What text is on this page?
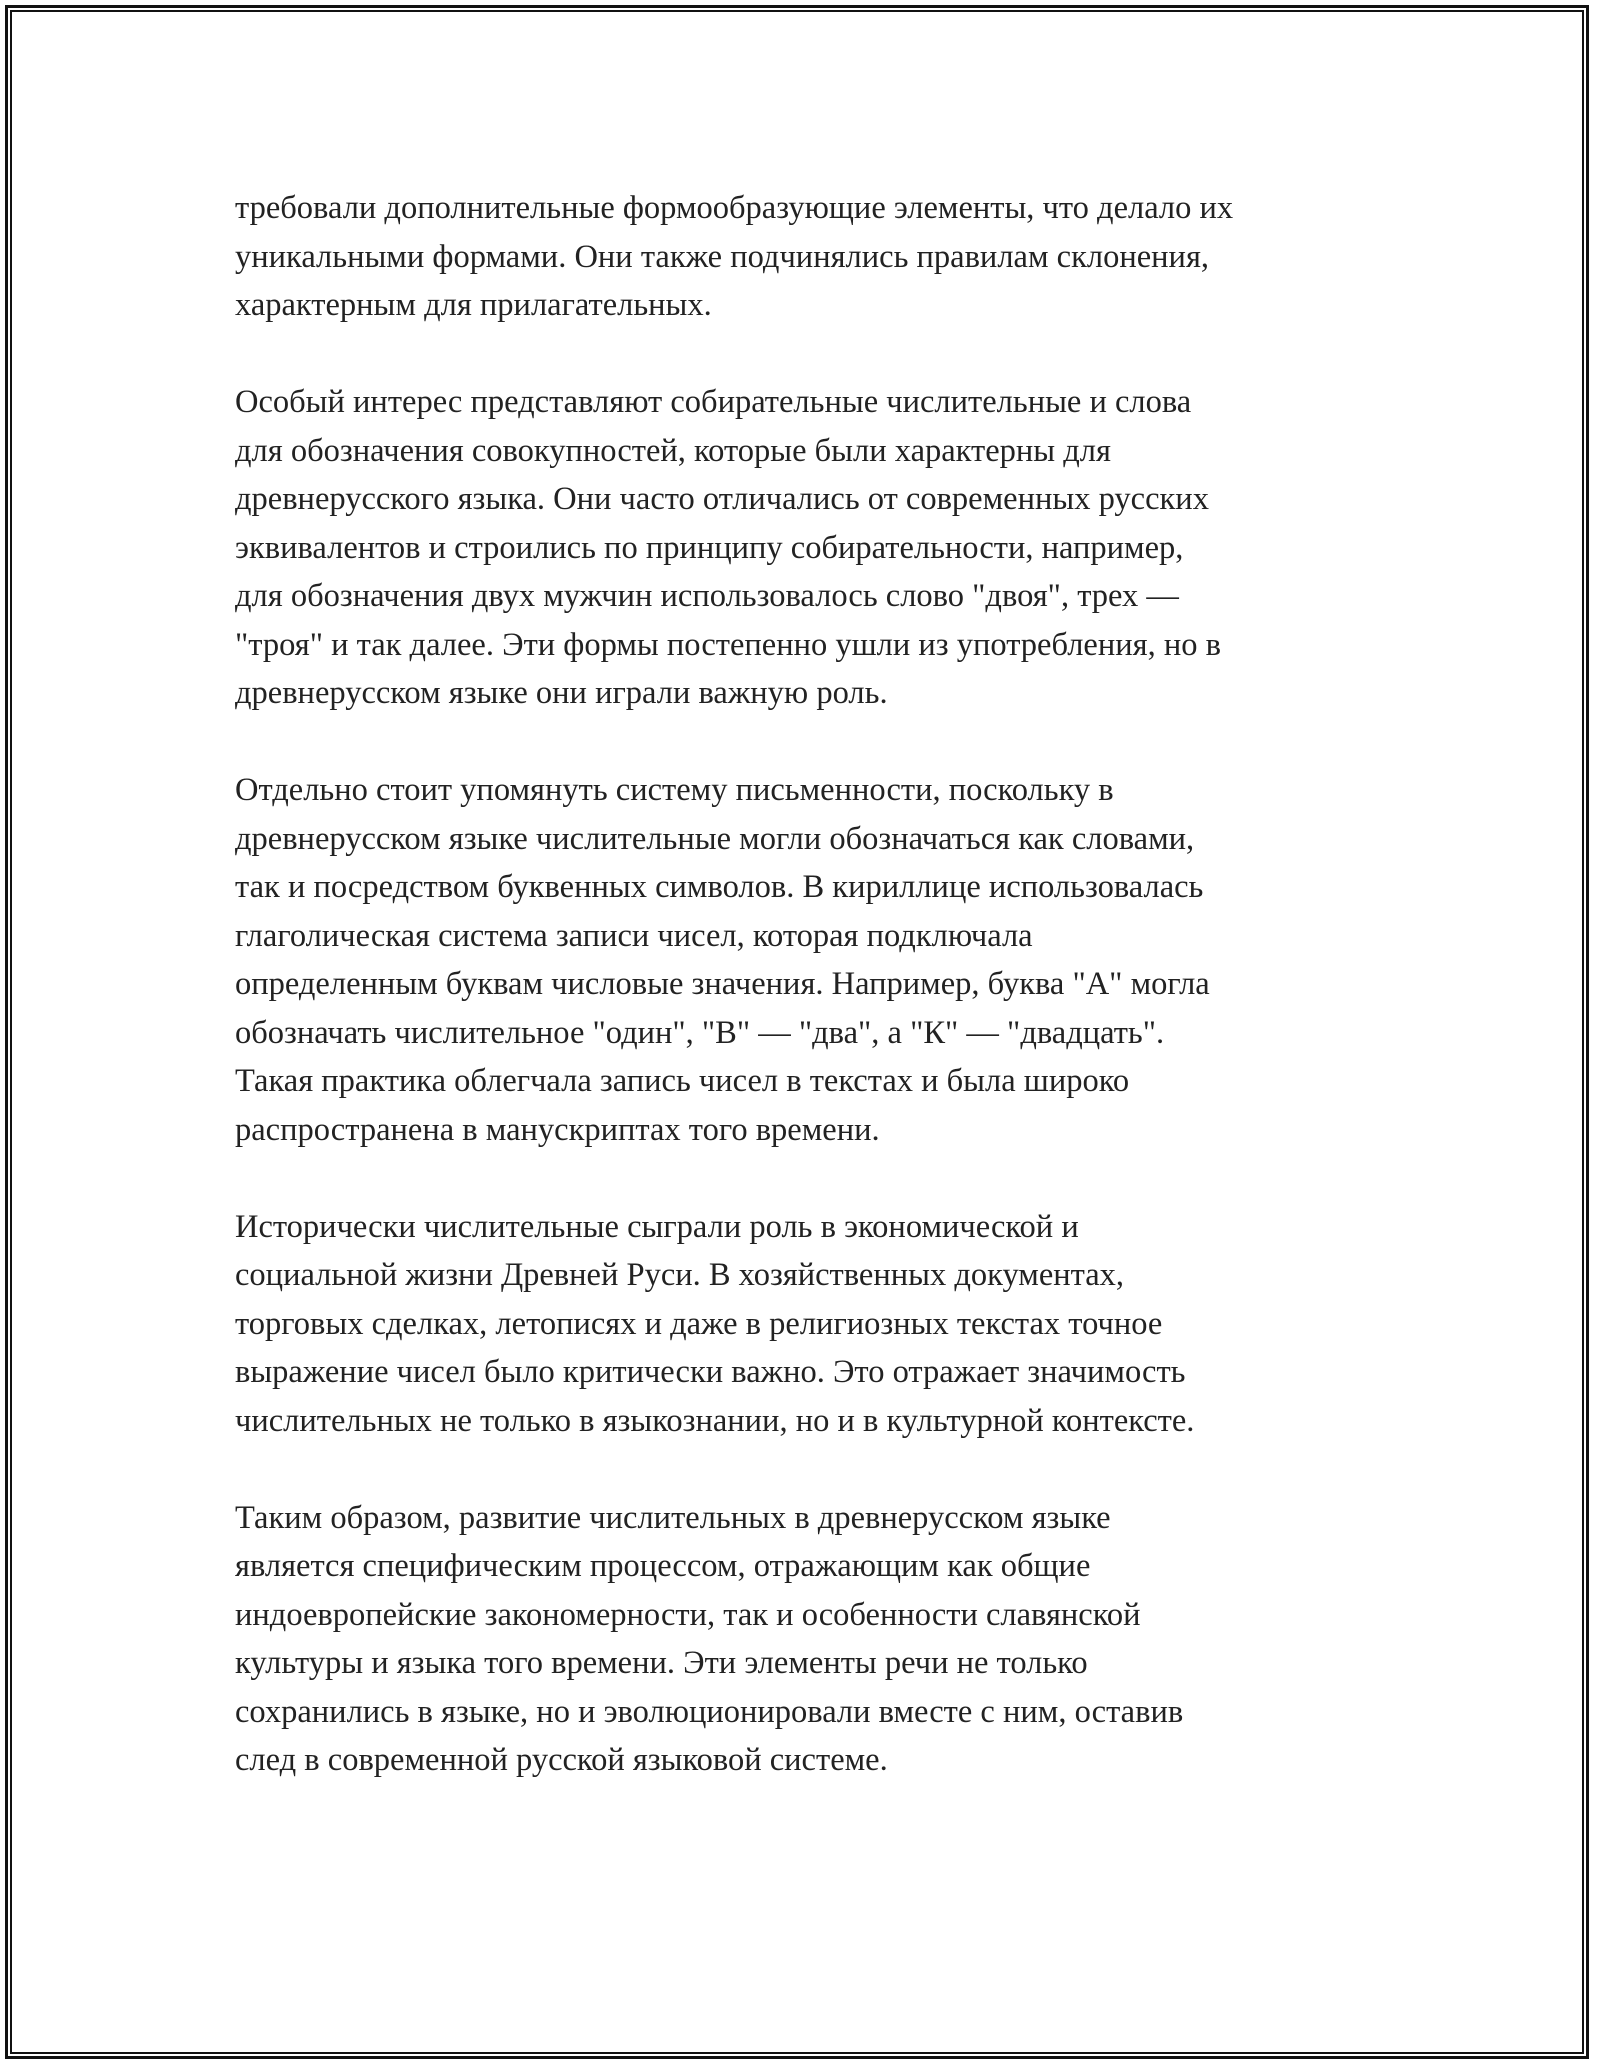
требовали дополнительные формообразующие элементы, что делало их
уникальными формами. Они также подчинялись правилам склонения,
характерным для прилагательных.

Особый интерес представляют собирательные числительные и слова
для обозначения совокупностей, которые были характерны для
древнерусского языка. Они часто отличались от современных русских
эквивалентов и строились по принципу собирательности, например,
для обозначения двух мужчин использовалось слово "двоя", трех —
"троя" и так далее. Эти формы постепенно ушли из употребления, но в
древнерусском языке они играли важную роль.

Отдельно стоит упомянуть систему письменности, поскольку в
древнерусском языке числительные могли обозначаться как словами,
так и посредством буквенных символов. В кириллице использовалась
глаголическая система записи чисел, которая подключала
определенным буквам числовые значения. Например, буква "А" могла
обозначать числительное "один", "В" — "два", а "К" — "двадцать".
Такая практика облегчала запись чисел в текстах и была широко
распространена в манускриптах того времени.

Исторически числительные сыграли роль в экономической и
социальной жизни Древней Руси. В хозяйственных документах,
торговых сделках, летописях и даже в религиозных текстах точное
выражение чисел было критически важно. Это отражает значимость
числительных не только в языкознании, но и в культурной контексте.

Таким образом, развитие числительных в древнерусском языке
является специфическим процессом, отражающим как общие
индоевропейские закономерности, так и особенности славянской
культуры и языка того времени. Эти элементы речи не только
сохранились в языке, но и эволюционировали вместе с ним, оставив
след в современной русской языковой системе.
